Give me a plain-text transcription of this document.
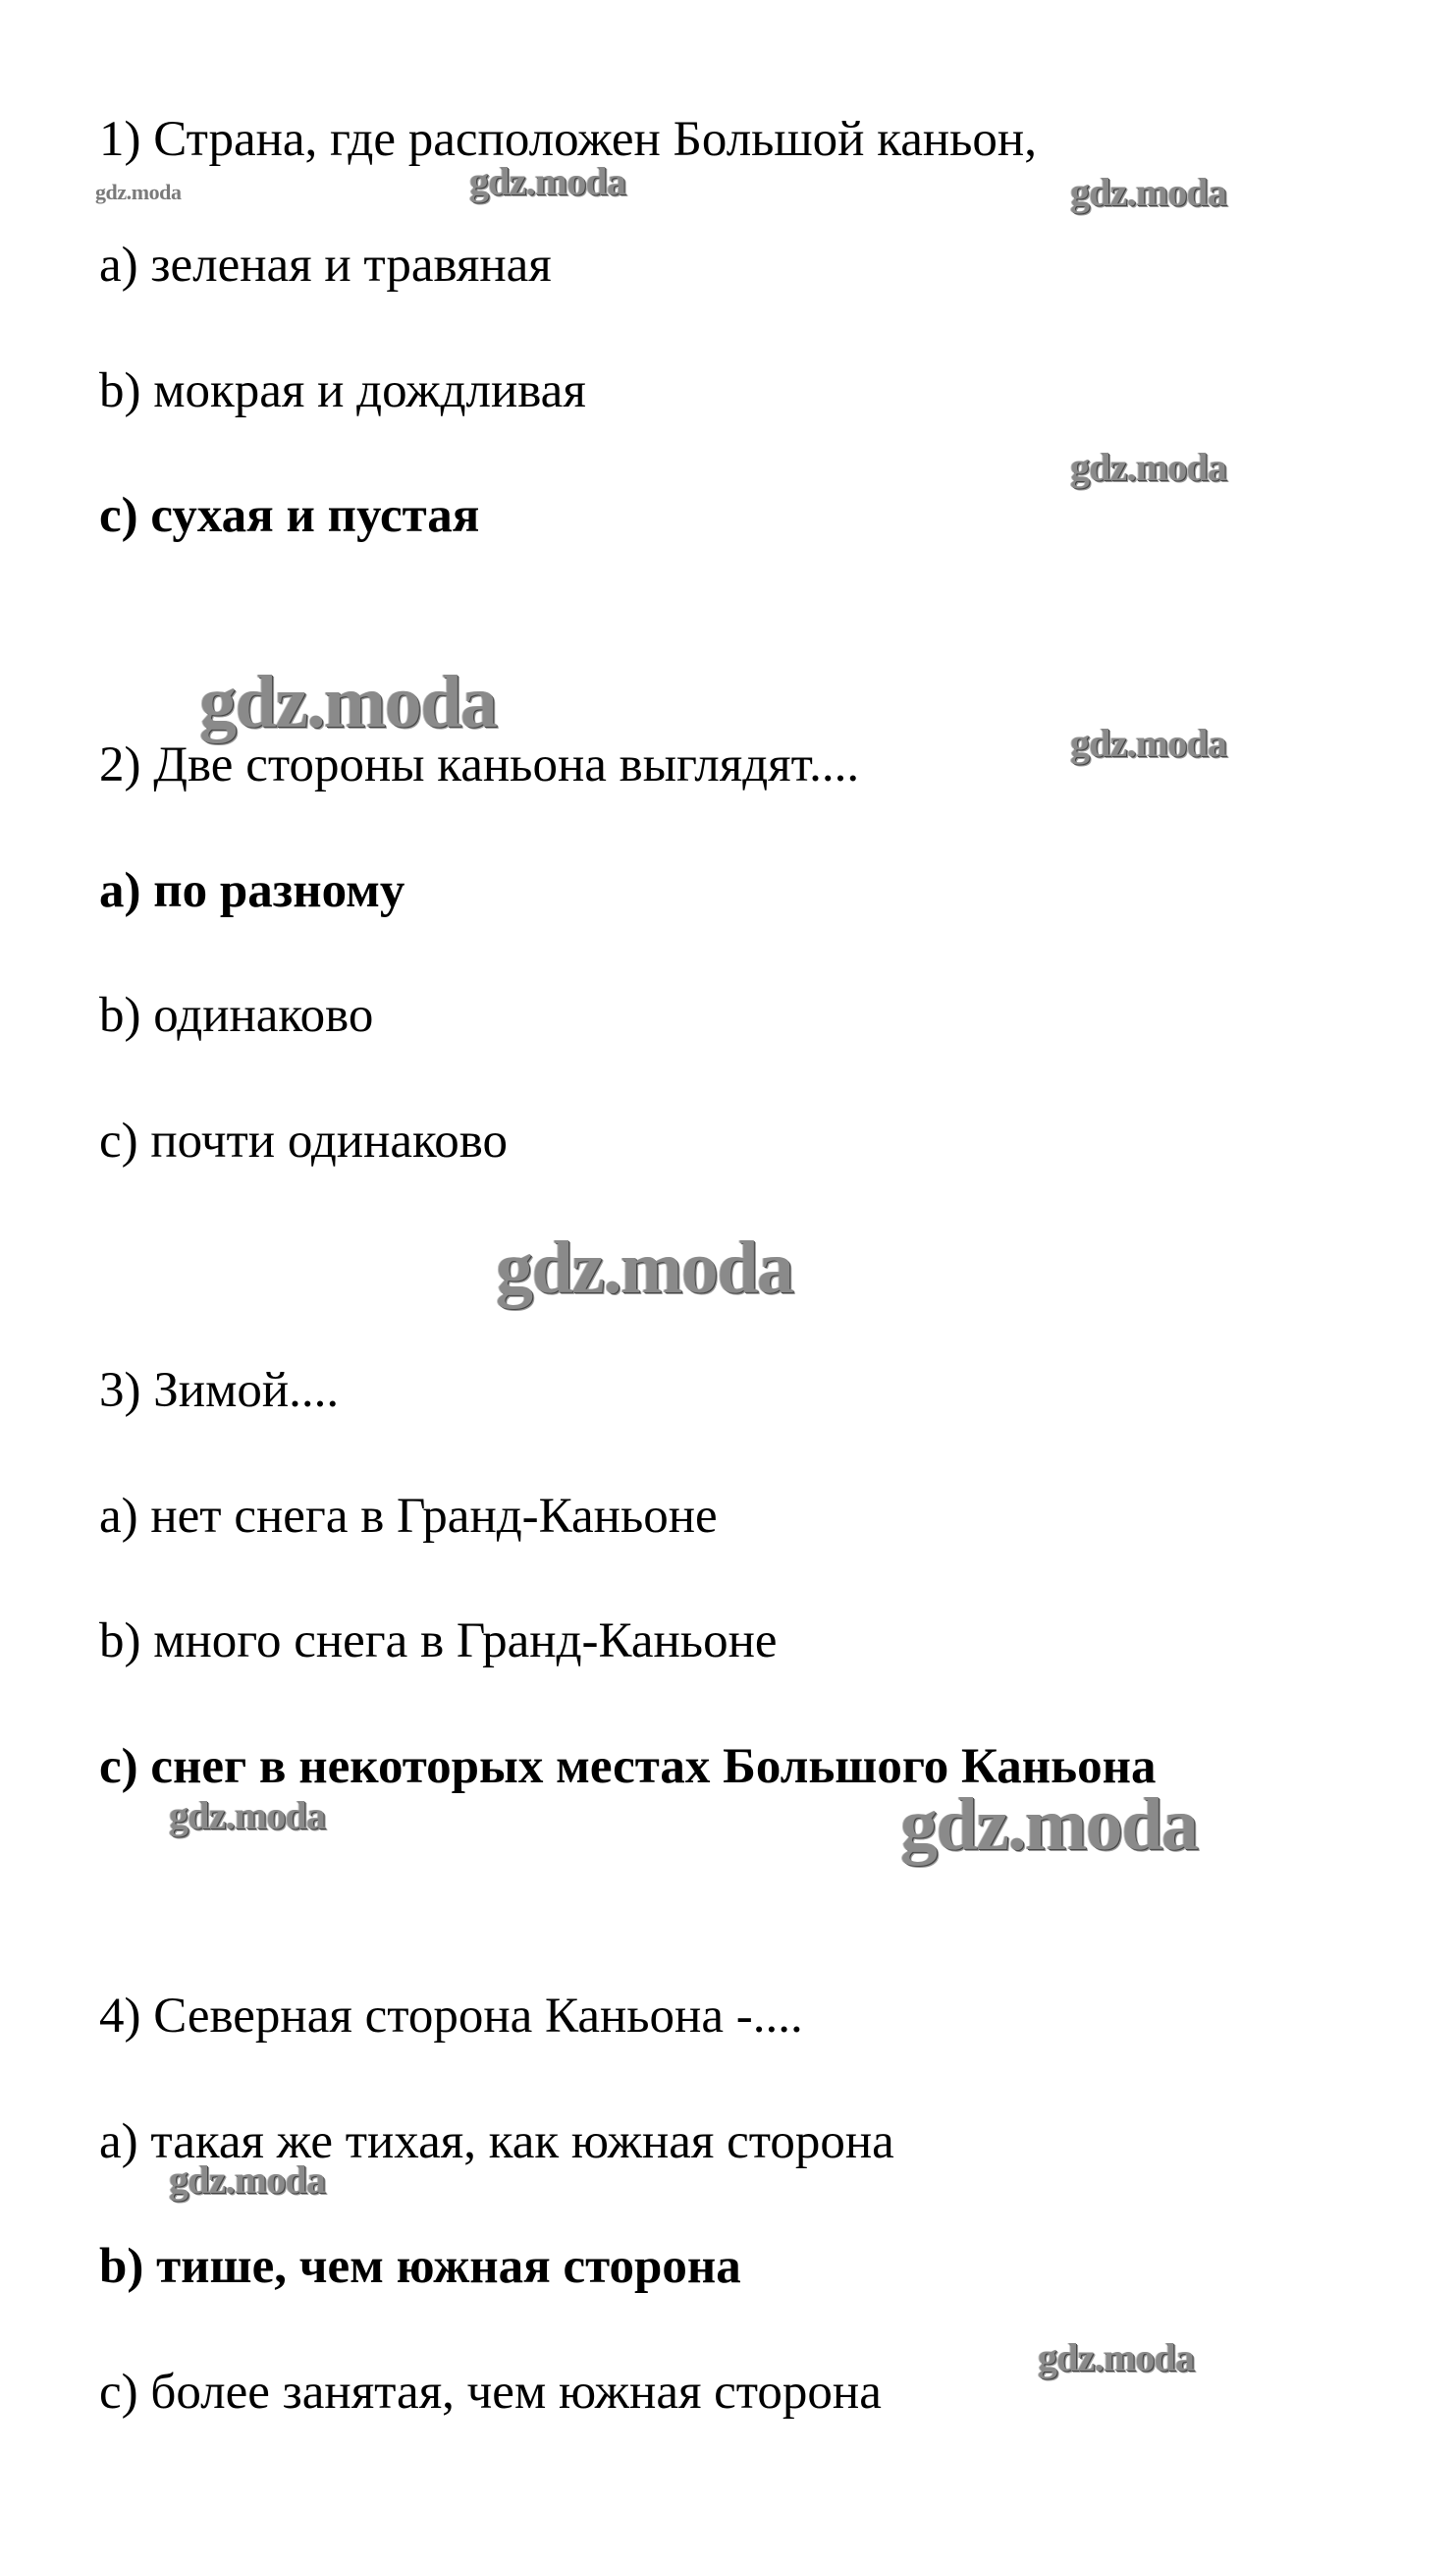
1) Страна, где расположен Большой каньон,
a) зеленая и травяная
b) мокрая и дождливая
c) сухая и пустая
2) Две стороны каньона выглядят....
a) по разному
b) одинаково
c) почти одинаково
3) Зимой....
a) нет снега в Гранд-Каньоне
b) много снега в Гранд-Каньоне
c) снег в некоторых местах Большого Каньона
4) Северная сторона Каньона -....
a) такая же тихая, как южная сторона
b) тише, чем южная сторона
c) более занятая, чем южная сторона
gdz.moda	gdz.moda	gdz.moda
gdz.moda
gdz.moda	gdz.moda
gdz.moda
gdz.moda	gdz.moda
gdz.moda
gdz.moda
